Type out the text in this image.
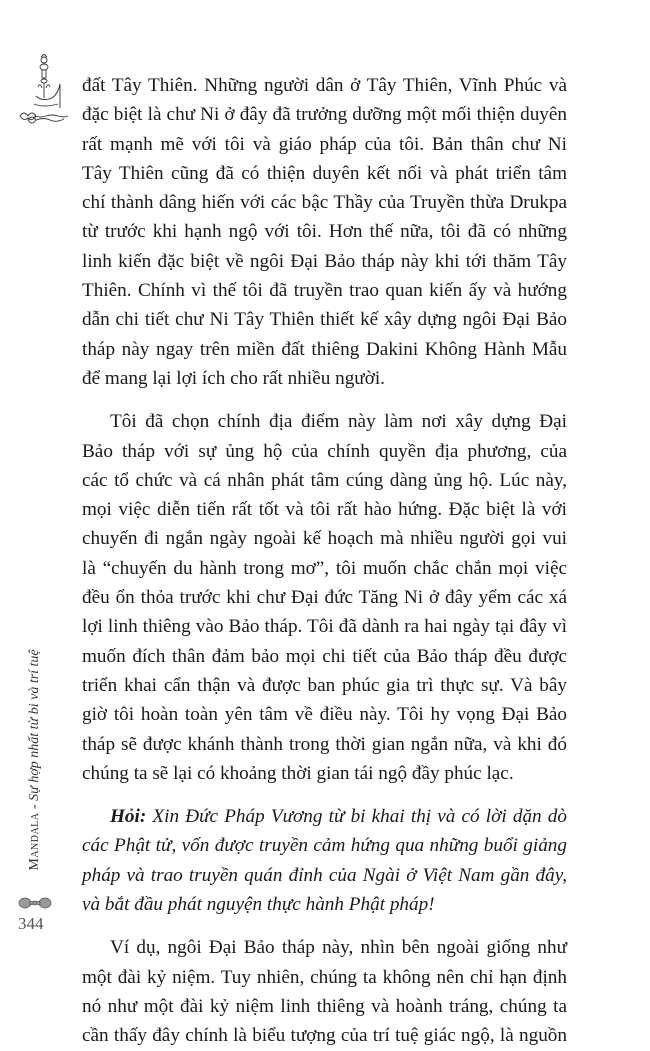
đất Tây Thiên. Những người dân ở Tây Thiên, Vĩnh Phúc và
đặc biệt là chư Ni ở đây đã trưởng dưỡng một mối thiện duyên
rất mạnh mẽ với tôi và giáo pháp của tôi. Bản thân chư Ni
Tây Thiên cũng đã có thiện duyên kết nối và phát triển tâm
chí thành dâng hiến với các bậc Thầy của Truyền thừa Drukpa
từ trước khi hạnh ngộ với tôi. Hơn thế nữa, tôi đã có những
linh kiến đặc biệt về ngôi Đại Bảo tháp này khi tới thăm Tây
Thiên. Chính vì thế tôi đã truyền trao quan kiến ấy và hướng
dẫn chi tiết chư Ni Tây Thiên thiết kế xây dựng ngôi Đại Bảo
tháp này ngay trên miền đất thiêng Dakini Không Hành Mẫu
để mang lại lợi ích cho rất nhiều người.
Tôi đã chọn chính địa điểm này làm nơi xây dựng Đại
Bảo tháp với sự ủng hộ của chính quyền địa phương, của
các tổ chức và cá nhân phát tâm cúng dàng ủng hộ. Lúc này,
mọi việc diễn tiến rất tốt và tôi rất hào hứng. Đặc biệt là với
chuyến đi ngắn ngày ngoài kế hoạch mà nhiều người gọi vui
là “chuyến du hành trong mơ”, tôi muốn chắc chắn mọi việc
đều ổn thỏa trước khi chư Đại đức Tăng Ni ở đây yểm các xá
lợi linh thiêng vào Bảo tháp. Tôi đã dành ra hai ngày tại đây vì
muốn đích thân đảm bảo mọi chi tiết của Bảo tháp đều được
triển khai cẩn thận và được ban phúc gia trì thực sự. Và bây
giờ tôi hoàn toàn yên tâm về điều này. Tôi hy vọng Đại Bảo
tháp sẽ được khánh thành trong thời gian ngắn nữa, và khi đó
chúng ta sẽ lại có khoảng thời gian tái ngộ đầy phúc lạc.
Hỏi: Xin Đức Pháp Vương từ bi khai thị và có lời dặn dò
các Phật tử, vốn được truyền cảm hứng qua những buổi giảng
pháp và trao truyền quán đỉnh của Ngài ở Việt Nam gần đây,
và bắt đầu phát nguyện thực hành Phật pháp!
Ví dụ, ngôi Đại Bảo tháp này, nhìn bên ngoài giống như
một đài kỷ niệm. Tuy nhiên, chúng ta không nên chỉ hạn định
nó như một đài kỷ niệm linh thiêng và hoành tráng, chúng ta
cần thấy đây chính là biểu tượng của trí tuệ giác ngộ, là nguồn
Mandala - Sự hợp nhất từ bi và trí tuệ
344
